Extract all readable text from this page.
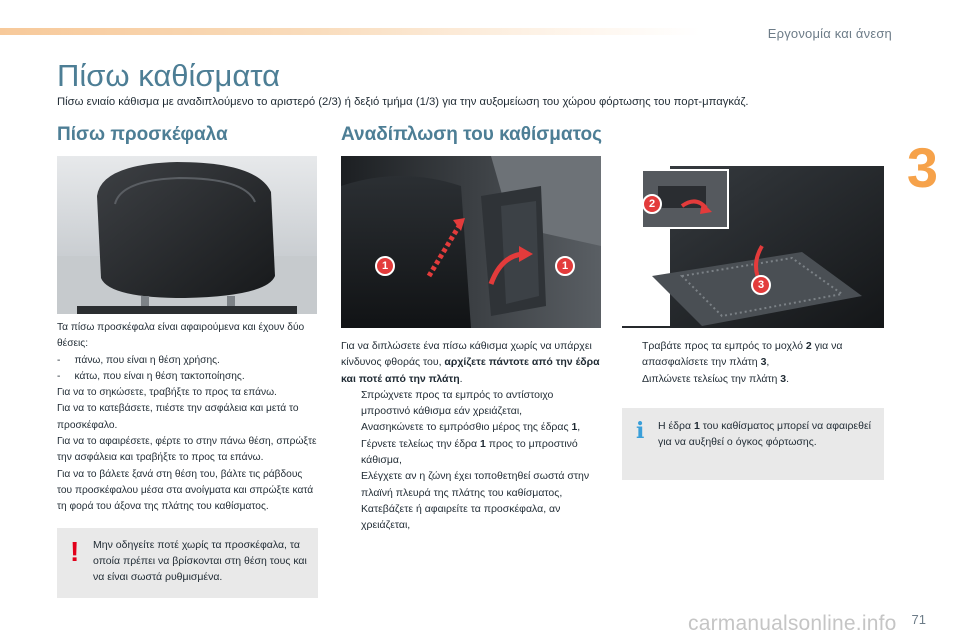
Εργονομία και άνεση
3
Πίσω καθίσματα
Πίσω ενιαίο κάθισμα με αναδιπλούμενο το αριστερό (2/3) ή δεξιό τμήμα (1/3) για την αυξομείωση του χώρου φόρτωσης του πορτ-μπαγκάζ.
Πίσω προσκέφαλα	Αναδίπλωση του καθίσματος
1	1
2
3

Τα πίσω προσκέφαλα είναι αφαιρούμενα και έχουν δύο θέσεις:

-     πάνω, που είναι η θέση χρήσης.

-     κάτω, που είναι η θέση τακτοποίησης.

Για να το σηκώσετε, τραβήξτε το προς τα επάνω.

Για να το κατεβάσετε, πιέστε την ασφάλεια και μετά το προσκέφαλο.

Για να το αφαιρέσετε, φέρτε το στην πάνω θέση, σπρώξτε την ασφάλεια και τραβήξτε το προς τα επάνω.

Για να το βάλετε ξανά στη θέση του, βάλτε τις ράβδους του προσκέφαλου μέσα στα ανοίγματα και σπρώξτε κατά τη φορά του άξονα της πλάτης του καθίσματος.

! Μην οδηγείτε ποτέ χωρίς τα προσκέφαλα, τα οποία πρέπει να βρίσκονται στη θέση τους και να είναι σωστά ρυθμισμένα.

Για να διπλώσετε ένα πίσω κάθισμα χωρίς να υπάρχει κίνδυνος φθοράς του, αρχίζετε πάντοτε από την έδρα και ποτέ από την πλάτη.

Σπρώχνετε προς τα εμπρός το αντίστοιχο μπροστινό κάθισμα εάν χρειάζεται,
Ανασηκώνετε το εμπρόσθιο μέρος της έδρας 1,
Γέρνετε τελείως την έδρα 1 προς το μπροστινό κάθισμα,
Ελέγχετε αν η ζώνη έχει τοποθετηθεί σωστά στην πλαϊνή πλευρά της πλάτης του καθίσματος,
Κατεβάζετε ή αφαιρείτε τα προσκέφαλα, αν χρειάζεται,
Τραβάτε προς τα εμπρός το μοχλό 2 για να απασφαλίσετε την πλάτη 3,
Διπλώνετε τελείως την πλάτη 3.
i Η έδρα 1 του καθίσματος μπορεί να αφαιρεθεί για να αυξηθεί ο όγκος φόρτωσης.
carmanualsonline.info 71
